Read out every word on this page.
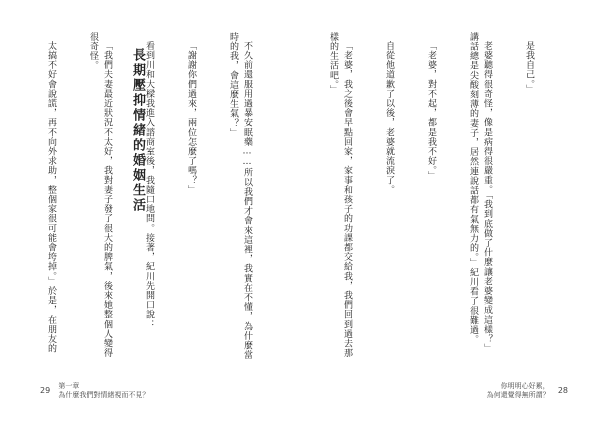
不久前還服用過暴安眠藥……所以我們才會來這裡，我實在不懂，為什麼當時的我，會這麼生氣？」

「謝謝你們過來，兩位怎麼了嗎？」

看到川和大樑我進入諮商室後，我隨口地問。接著，紀川先開口說：

「我們夫妻最近狀況不太好，我對妻子發了很大的脾氣，後來她整個人變得很奇怪。

太搞不好會說謊，再不向外求助，整個家很可能會垮掉。」於是，在朋友的

長期壓抑情緒的婚姻生活
29 第一章
為什麼我們對情緒視而不見？

是我自己。」

老婆聽得很奇怪，像是病得很嚴重。「我到底做了什麼讓老婆變成這樣？」講話總是尖酸刻薄的妻子，居然連說話都有氣無力的。」紀川看了很難過。

「老婆，對不起，都是我不好。」

自從他道歉了以後，老婆就流淚了。

「老婆，我之後會早點回家，家事和孩子的功課都交給我，我們回到過去那樣的生活吧。」

你明明心好累，
為何還覺得無所謂？ 28
